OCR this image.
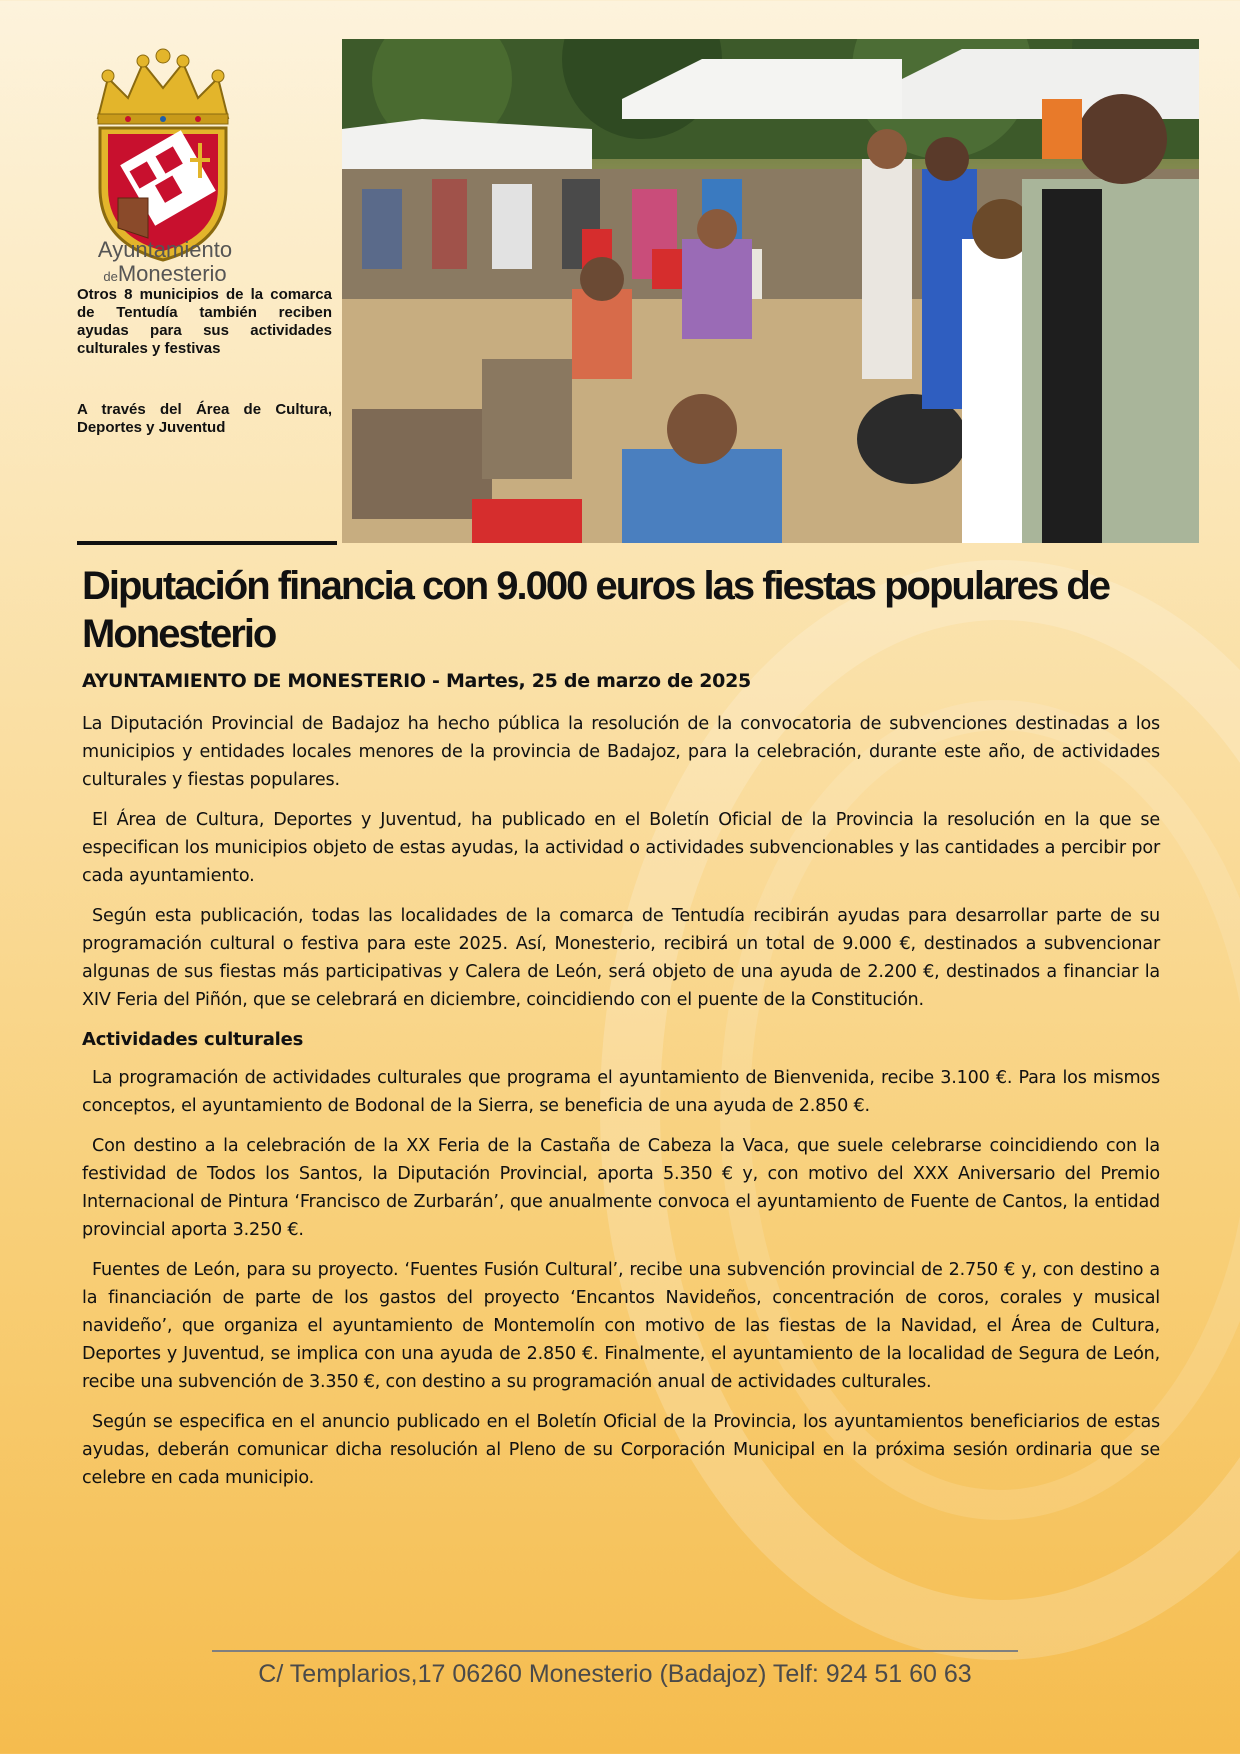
Ayuntamiento
deMonesterio
Otros 8 municipios de la comarca de Tentudía también reciben ayudas para sus actividades culturales y festivas
A través del Área de Cultura, Deportes y Juventud
Diputación financia con 9.000 euros las fiestas populares de Monesterio
AYUNTAMIENTO DE MONESTERIO - Martes, 25 de marzo de 2025

La Diputación Provincial de Badajoz ha hecho pública la resolución de la convocatoria de subvenciones destinadas a los municipios y entidades locales menores de la provincia de Badajoz, para la celebración, durante este año, de actividades culturales y fiestas populares.

El Área de Cultura, Deportes y Juventud, ha publicado en el Boletín Oficial de la Provincia la resolución en la que se especifican los municipios objeto de estas ayudas, la actividad o actividades subvencionables y las cantidades a percibir por cada ayuntamiento.

Según esta publicación, todas las localidades de la comarca de Tentudía recibirán ayudas para desarrollar parte de su programación cultural o festiva para este 2025. Así, Monesterio, recibirá un total de 9.000 €, destinados a subvencionar algunas de sus fiestas más participativas y Calera de León, será objeto de una ayuda de 2.200 €, destinados a financiar la XIV Feria del Piñón, que se celebrará en diciembre, coincidiendo con el puente de la Constitución.

Actividades culturales

La programación de actividades culturales que programa el ayuntamiento de Bienvenida, recibe 3.100 €. Para los mismos conceptos, el ayuntamiento de Bodonal de la Sierra, se beneficia de una ayuda de 2.850 €.

Con destino a la celebración de la XX Feria de la Castaña de Cabeza la Vaca, que suele celebrarse coincidiendo con la festividad de Todos los Santos, la Diputación Provincial, aporta 5.350 € y, con motivo del XXX Aniversario del Premio Internacional de Pintura ‘Francisco de Zurbarán’, que anualmente convoca el ayuntamiento de Fuente de Cantos, la entidad provincial aporta 3.250 €.

Fuentes de León, para su proyecto. ‘Fuentes Fusión Cultural’, recibe una subvención provincial de 2.750 € y, con destino a la financiación de parte de los gastos del proyecto ‘Encantos Navideños, concentración de coros, corales y musical navideño’, que organiza el ayuntamiento de Montemolín con motivo de las fiestas de la Navidad, el Área de Cultura, Deportes y Juventud, se implica con una ayuda de 2.850 €. Finalmente, el ayuntamiento de la localidad de Segura de León, recibe una subvención de 3.350 €, con destino a su programación anual de actividades culturales.

Según se especifica en el anuncio publicado en el Boletín Oficial de la Provincia, los ayuntamientos beneficiarios de estas ayudas, deberán comunicar dicha resolución al Pleno de su Corporación Municipal en la próxima sesión ordinaria que se celebre en cada municipio.

C/ Templarios,17 06260 Monesterio (Badajoz) Telf: 924 51 60 63
